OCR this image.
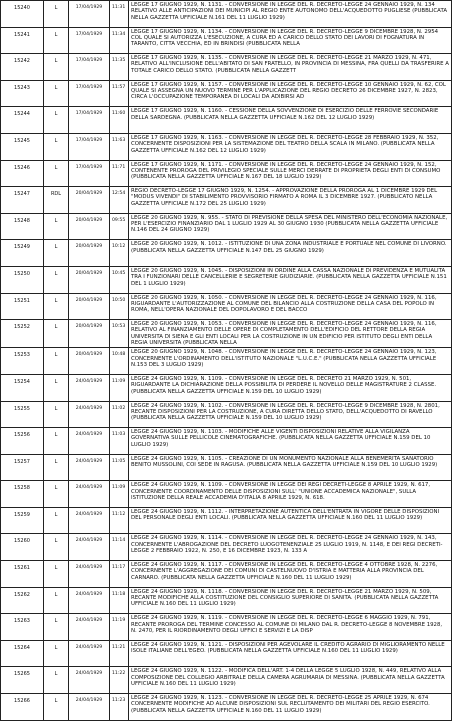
15240	L	17/04/1929	11:31	LEGGE 17 GIUGNO 1929, N. 1131. - CONVERSIONE IN LEGGE DEL R. DECRETO-LEGGE 24 GENNAIO 1929, N. 134 RELATIVO ALLE ANTICIPAZIONI DEI MUNICIPI AL REGIO ENTE AUTONOMO DELL'ACQUEDOTTO PUGLIESE (PUBBLICATA NELLA GAZZETTA UFFICIALE N.161 DEL 11 LUGLIO 1929)
15241	L	17/04/1929	11:34	LEGGE 17 GIUGNO 1929, N. 1134. - CONVERSIONE IN LEGGE DEL R. DECRETO-LEGGE 9 DICEMBRE 1928, N. 2954 COL QUALE SI AUTORIZZA L'ESECUZIONE, A CURA ED A CARICO DELLO STATO DEI LAVORI DI FOGNATURA IN TARANTO, CITTA VECCHIA, ED IN BRINDISI (PUBBLICATA NELLA
15242	L	17/04/1929	11:35	LEGGE 17 GIUGNO 1929, N. 1135. - CONVERSIONE IN LEGGE DEL R. DECRETO-LEGGE 21 MARZO 1929, N. 471, RELATIVO ALL'INCLUSIONE DELL'ABITATO DI SAN FRATELLO, IN PROVINCIA DI MESSINA, FRA QUELLI DA TRASFERIRE A TOTALE CARICO DELLO STATO. (PUBBLICATA NELLA GAZZETT
15243	L	17/04/1929	11:57	LEGGE 17 GIUGNO 1929, N. 1157. - CONVERSIONE IN LEGGE DEL R. DECRETO-LEGGE 10 GENNAIO 1929, N. 62, COL QUALE SI ASSEGNA UN NUOVO TERMINE PER L'APPLICAZIONE DEL REGIO DECRETO 26 DICEMBRE 1927, N. 2823, CIRCA L'OCCUPAZIONE TEMPORANEA DI LOCALI DA ADIBIRSI AD
15244	L	17/04/1929	11:60	LEGGE 17 GIUGNO 1929, N. 1160. - CESSIONE DELLA SOVVENZIONE DI ESERCIZIO DELLE FERROVIE SECONDARIE DELLA SARDEGNA. (PUBBLICATA NELLA GAZZETTA UFFICIALE N.162 DEL 12 LUGLIO 1929)
15245	L	17/04/1929	11:63	LEGGE 17 GIUGNO 1929, N. 1163. - CONVERSIONE IN LEGGE DEL R. DECRETO-LEGGE 28 FEBBRAIO 1929, N. 352, CONCERNENTE DISPOSIZIONI PER LA SISTEMAZIONE DEL TEATRO DELLA SCALA IN MILANO. (PUBBLICATA NELLA GAZZETTA UFFICIALE N.162 DEL 12 LUGLIO 1929)
15246	L	17/04/1929	11:71	LEGGE 17 GIUGNO 1929, N. 1171. - CONVERSIONE IN LEGGE DEL R. DECRETO-LEGGE 24 GENNAIO 1929, N. 152, CONTENENTE PROROGA DEL PRIVILEGIO SPECIALE SULLE MERCI DERRATE DI PROPRIETA DEGLI ENTI DI CONSUMO (PUBBLICATA NELLA GAZZETTA UFFICIALE N.167 DEL 18 LUGLIO 1929)
15247	RDL	20/04/1929	12:54	REGIO DECRETO-LEGGE 17 GIUGNO 1929, N. 1254. - APPROVAZIONE DELLA PROROGA AL 1 DICEMBRE 1929 DEL "MODUS VIVENDI" DI STABILIMENTO PROVVISORIO FIRMATO A ROMA IL 3 DICEMBRE 1927. (PUBBLICATO NELLA GAZZETTA UFFICIALE N.172 DEL 25 LUGLIO 1929)
15248	L	20/04/1929	09:55	LEGGE 20 GIUGNO 1929, N. 955. - STATO DI PREVISIONE DELLA SPESA DEL MINISTERO DELL'ECONOMIA NAZIONALE, PER L'ESERCIZIO FINANZIARIO DAL 1 LUGLIO 1929 AL 30 GIUGNO 1930 (PUBBLICATA NELLA GAZZETTA UFFICIALE N.146 DEL 24 GIUGNO 1929)
15249	L	20/04/1929	10:12	LEGGE 20 GIUGNO 1929, N. 1012. - ISTITUZIONE DI UNA ZONA INDUSTRIALE E PORTUALE NEL COMUNE DI LIVORNO. (PUBBLICATA NELLA GAZZETTA UFFICIALE N.147 DEL 25 GIUGNO 1929)
15250	L	20/04/1929	10:45	LEGGE 20 GIUGNO 1929, N. 1045. - DISPOSIZIONI IN ORDINE ALLA CASSA NAZIONALE DI PREVIDENZA E MUTUALITA TRA I FUNZIONARI DELLE CANCELLERIE E SEGRETERIE GIUDIZIARIE. (PUBBLICATA NELLA GAZZETTA UFFICIALE N.151 DEL 1 LUGLIO 1929)
15251	L	20/04/1929	10:50	LEGGE 20 GIUGNO 1929, N. 1050. - CONVERSIONE IN LEGGE DEL R. DECRETO-LEGGE 24 GENNAIO 1929, N. 116, RIGUARDANTE L'AUTORIZZAZIONE AL COMUNE DEL BILANCIO ALLA COSTRUZIONE DELLA CASA DEL POPOLO IN ROMA, NELL'OPERA NAZIONALE DEL DOPOLAVORO E DEL BACCO
15252	L	20/04/1929	10:53	LEGGE 20 GIUGNO 1929, N. 1053. - CONVERSIONE IN LEGGE DEL R. DECRETO-LEGGE 24 GENNAIO 1929, N. 116, RELATIVO AL FINANZIAMENTO DELLE OPERE DI COMPLETAMENTO DELL'EDIFICIO DEL RETTORE DELLA REGIA UNIVERSITA DI SIENA E GLI ENTI LOCALI PER LA COSTRUZIONE IN UN EDIFICIO PER ISTITUTO DEGLI ENTI DELLA REGIA UNIVERSITA (PUBBLICATA NELLA
15253	L	20/04/1929	10:48	LEGGE 20 GIUGNO 1929, N. 1048. - CONVERSIONE IN LEGGE DEL R. DECRETO-LEGGE 24 GENNAIO 1929, N. 123, CONCERNENTE L'ORDINAMENTO DELL'ISTITUTO NAZIONALE "L.U.C.E." (PUBBLICATA NELLA GAZZETTA UFFICIALE N.153 DEL 3 LUGLIO 1929)
15254	L	24/04/1929	11:09	LEGGE 24 GIUGNO 1929, N. 1109. - CONVERSIONE IN LEGGE DEL R. DECRETO 21 MARZO 1929, N. 501, RIGUARDANTE LA DICHIARAZIONE DELLA POSSIBILITA DI PERDERE IL NOVELLO DELLE MAGISTRATURE 2 CLASSE. (PUBBLICATA NELLA GAZZETTA UFFICIALE N.159 DEL 10 LUGLIO 1929)
15255	L	24/04/1929	11:02	LEGGE 24 GIUGNO 1929, N. 1102. - CONVERSIONE IN LEGGE DEL R. DECRETO-LEGGE 9 DICEMBRE 1928, N. 2801, RECANTE DISPOSIZIONI PER LA COSTRUZIONE, A CURA DIRETTA DELLO STATO, DELL'ACQUEDOTTO DI RAVELLO (PUBBLICATA NELLA GAZZETTA UFFICIALE N.159 DEL 10 LUGLIO 1929)
15256	L	24/04/1929	11:03	LEGGE 24 GIUGNO 1929, N. 1103. - MODIFICHE ALLE VIGENTI DISPOSIZIONI RELATIVE ALLA VIGILANZA GOVERNATIVA SULLE PELLICOLE CINEMATOGRAFICHE. (PUBBLICATA NELLA GAZZETTA UFFICIALE N.159 DEL 10 LUGLIO 1929)
15257	L	24/04/1929	11:05	LEGGE 24 GIUGNO 1929, N. 1105. - CREAZIONE DI UN MONUMENTO NAZIONALE ALLA BENEMERITA SANATORIO BENITO MUSSOLINI, COI SEDE IN RAGUSA. (PUBBLICATA NELLA GAZZETTA UFFICIALE N.159 DEL 10 LUGLIO 1929)
15258	L	24/04/1929	11:09	LEGGE 24 GIUGNO 1929, N. 1109. - CONVERSIONE IN LEGGE DEI REGI DECRETI-LEGGE 8 APRILE 1929, N. 617, CONCERNENTE COORDINAMENTO DELLE DISPOSIZIONI SULL' "UNIONE ACCADEMICA NAZIONALE", SULLA ISTITUZIONE DELLA REALE ACCADEMIA D'ITALIA 8 APRILE 1929, N. 618.
15259	L	24/04/1929	11:12	LEGGE 24 GIUGNO 1929, N. 1112. - INTERPRETAZIONE AUTENTICA DELL'ENTRATA IN VIGORE DELLE DISPOSIZIONI DEL PERSONALE DEGLI ENTI LOCALI. (PUBBLICATA NELLA GAZZETTA UFFICIALE N.160 DEL 11 LUGLIO 1929)
15260	L	24/04/1929	11:14	LEGGE 24 GIUGNO 1929, N. 1114. - CONVERSIONE IN LEGGE DEL R. DECRETO-LEGGE 24 GENNAIO 1929, N. 143, CONCERNENTE L'ABROGAZIONE DEL DECRETO LUOGOTENENZIALE 25 LUGLIO 1919, N. 1148, E DEI REGI DECRETI-LEGGE 2 FEBBRAIO 1922, N. 250, E 16 DICEMBRE 1923, N. 133 A
15261	L	24/04/1929	11:17	LEGGE 24 GIUGNO 1929, N. 1117. - CONVERSIONE IN LEGGE DEL R. DECRETO-LEGGE 4 OTTOBRE 1928, N. 2276, CONCERNENTE L'AGGREGAZIONE DEI COMUNI DI CASTELNUOVO D'ISTRIA E MATTERIA ALLA PROVINCIA DEL CARNARO. (PUBBLICATA NELLA GAZZETTA UFFICIALE N.160 DEL 11 LUGLIO 1929)
15262	L	24/04/1929	11:18	LEGGE 24 GIUGNO 1929, N. 1118. - CONVERSIONE IN LEGGE DEL R. DECRETO-LEGGE 21 MARZO 1929, N. 509, RECANTE MODIFICHE ALLA COSTITUZIONE DEL CONSIGLIO SUPERIORE DI SANITA. (PUBBLICATA NELLA GAZZETTA UFFICIALE N.160 DEL 11 LUGLIO 1929)
15263	L	24/04/1929	11:19	LEGGE 24 GIUGNO 1929, N. 1119. - CONVERSIONE IN LEGGE DEL R. DECRETO-LEGGE 6 MAGGIO 1929, N. 791, RECANTE PROROGA DEL TERMINE CONCESSO AL COMUNE DI MILANO DAL R. DECRETO-LEGGE 8 NOVEMBRE 1928, N. 2470, PER IL RIORDINAMENTO DEGLI UFFICI E SERVIZI E LA DISP
15264	L	24/04/1929	11:21	LEGGE 24 GIUGNO 1929, N. 1121. - DISPOSIZIONI PER AGEVOLARE IL CREDITO AGRARIO DI MIGLIORAMENTO NELLE ISOLE ITALIANE DELL'EGEO. (PUBBLICATA NELLA GAZZETTA UFFICIALE N.160 DEL 11 LUGLIO 1929)
15265	L	24/04/1929	11:22	LEGGE 24 GIUGNO 1929, N. 1122. - MODIFICA DELL'ART. 1-4 DELLA LEGGE 5 LUGLIO 1928, N. 449, RELATIVO ALLA COMPOSIZIONE DEL COLLEGIO ARBITRALE DELLA CAMERA AGRUMARIA DI MESSINA. (PUBBLICATA NELLA GAZZETTA UFFICIALE N.160 DEL 11 LUGLIO 1929)
15266	L	24/04/1929	11:23	LEGGE 24 GIUGNO 1929, N. 1123. - CONVERSIONE IN LEGGE DEL R. DECRETO-LEGGE 25 APRILE 1929, N. 674 CONCERNENTE MODIFICHE AD ALCUNE DISPOSIZIONI SUL RECLUTAMENTO DEI MILITARI DEL REGIO ESERCITO. (PUBBLICATA NELLA GAZZETTA UFFICIALE N.160 DEL 11 LUGLIO 1929)
